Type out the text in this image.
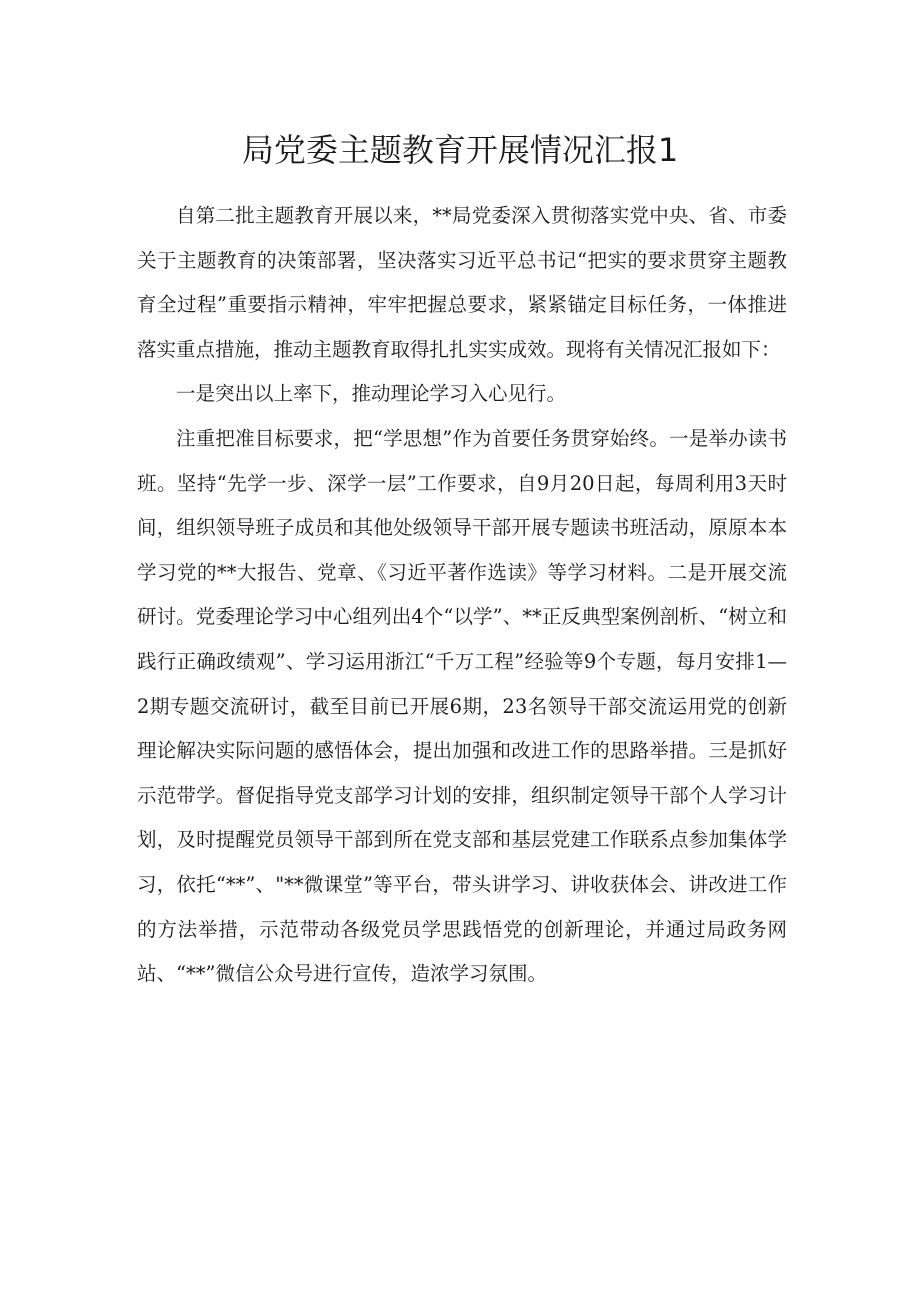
局党委主题教育开展情况汇报1

自第二批主题教育开展以来，**局党委深入贯彻落实党中央、省、市委关于主题教育的决策部署，坚决落实习近平总书记“把实的要求贯穿主题教育全过程”重要指示精神，牢牢把握总要求，紧紧锚定目标任务，一体推进落实重点措施，推动主题教育取得扎扎实实成效。现将有关情况汇报如下：

一是突出以上率下，推动理论学习入心见行。

注重把准目标要求，把“学思想”作为首要任务贯穿始终。一是举办读书班。坚持“先学一步、深学一层”工作要求，自9月20日起，每周利用3天时间，组织领导班子成员和其他处级领导干部开展专题读书班活动，原原本本学习党的**大报告、党章、《习近平著作选读》等学习材料。二是开展交流研讨。党委理论学习中心组列出4个“以学”、**正反典型案例剖析、“树立和践行正确政绩观”、学习运用浙江“千万工程”经验等9个专题，每月安排1—2期专题交流研讨，截至目前已开展6期，23名领导干部交流运用党的创新理论解决实际问题的感悟体会，提出加强和改进工作的思路举措。三是抓好示范带学。督促指导党支部学习计划的安排，组织制定领导干部个人学习计划，及时提醒党员领导干部到所在党支部和基层党建工作联系点参加集体学习，依托“**”、"**微课堂”等平台，带头讲学习、讲收获体会、讲改进工作的方法举措，示范带动各级党员学思践悟党的创新理论，并通过局政务网站、“**”微信公众号进行宣传，造浓学习氛围。
